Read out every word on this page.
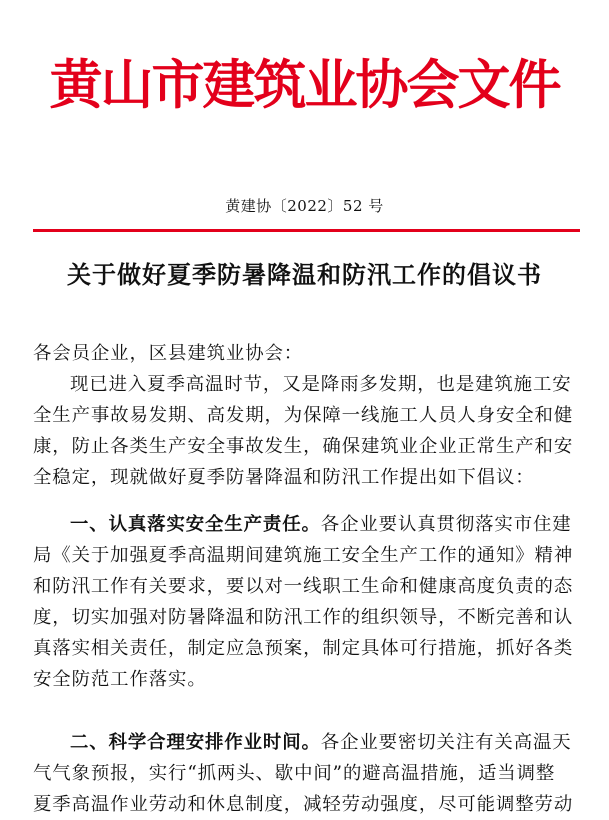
黄山市建筑业协会文件
黄建协〔2022〕52 号
关于做好夏季防暑降温和防汛工作的倡议书
各会员企业，区县建筑业协会：
现已进入夏季高温时节，又是降雨多发期，也是建筑施工安
全生产事故易发期、高发期，为保障一线施工人员人身安全和健
康，防止各类生产安全事故发生，确保建筑业企业正常生产和安
全稳定，现就做好夏季防暑降温和防汛工作提出如下倡议：
一、认真落实安全生产责任。各企业要认真贯彻落实市住建
局《关于加强夏季高温期间建筑施工安全生产工作的通知》精神
和防汛工作有关要求，要以对一线职工生命和健康高度负责的态
度，切实加强对防暑降温和防汛工作的组织领导，不断完善和认
真落实相关责任，制定应急预案，制定具体可行措施，抓好各类
安全防范工作落实。
二、科学合理安排作业时间。各企业要密切关注有关高温天
气气象预报，实行“抓两头、歇中间”的避高温措施，适当调整
夏季高温作业劳动和休息制度，减轻劳动强度，尽可能调整劳动
